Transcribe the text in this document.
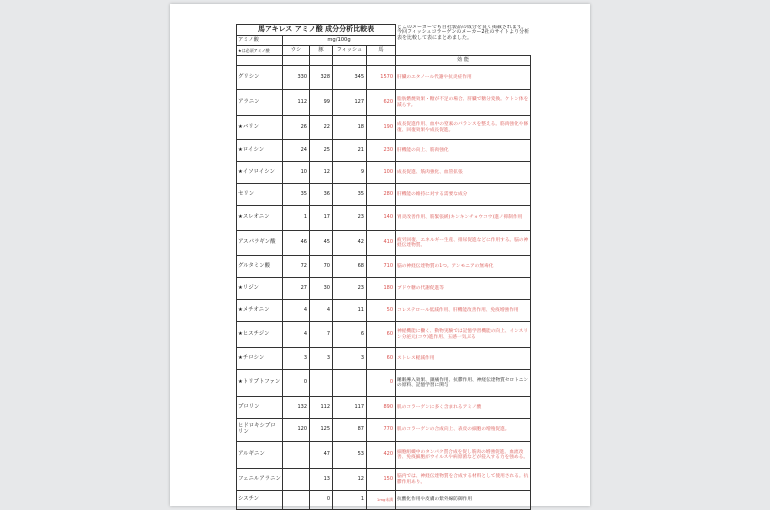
馬アキレス アミノ酸 成分分析比較表					どこのメーカーでも自社製品の成分を良く掲載されます。今回フィッシュコラーゲンのメーカー2社のサイトより分析表を比較して表にまとめました。
アミノ酸	mg/100g				
★は必須アミノ酸	ウシ	豚	フィッシュ	馬	
					効 能
グリシン	330	328	345	1570	肝臓のエタノール代謝や抗炎症作用
アラニン	112	99	127	620	脂肪燃焼効果・糖が不足の場合、肝臓で糖分変換。ケトン体を減らす。
★バリン	26	22	18	190	成長促進作用、血中の窒素のバランスを整える。筋肉強化や修復、回復効果や成長促進。
★ロイシン	24	25	21	230	肝機能の向上、筋肉強化
★イソロイシン	10	12	9	100	成長促進、筋肉強化、血管拡張
セリン	35	36	35	280	肝機能の維持に対する需要な成分
★スレオニン	1	17	23	140	胃炎改善作用、筋緊張緩(キンキンチョウコウ)進ノ抑制作用
アスパラギン酸	46	45	42	410	疲労回復、エネルギー生産、排尿促進などに作用する。脳の神経伝達物質。
グルタミン酸	72	70	68	710	脳の神経伝達物質の1つ。アンモニアの無毒化
★リジン	27	30	23	180	ブドウ糖の代謝促進等
★メチオニン	4	4	11	50	コレステロール低減作用、肝機能改善作用、免疫増強作用
★ヒスチジン	4	7	6	60	神経機能に働く、動物実験では記憶学習機能の向上、インスリン分泌元(コウ)進作用、五感一気ぶる
★チロシン	3	3	3	60	ストレス軽減作用
★トリプトファン	0			0	睡眠導入効果、鎮痛作用、抗鬱作用、神経伝達物質セロトニンの原料、記憶学習に関与
プロリン	132	112	117	890	肌のコラーゲンに多く含まれるアミノ酸
ヒドロキシプロリン	120	125	87	770	肌のコラーゲンの合成向上、表皮の細胞の増殖促進。
アルギニン		47	53	420	細胞組織中のタンパク質合成を促し筋肉の増強促進、血流改善、免疫細胞がウイルスや病原菌などが侵入する力を強める。
フェニルアラニン		13	12	150	脳内では、神経伝達物質を合成する材料として使用される。抗鬱作用あり。
シスチン		0	1	1mg未満	抗酸化作用や皮膚の紫外線防御作用
